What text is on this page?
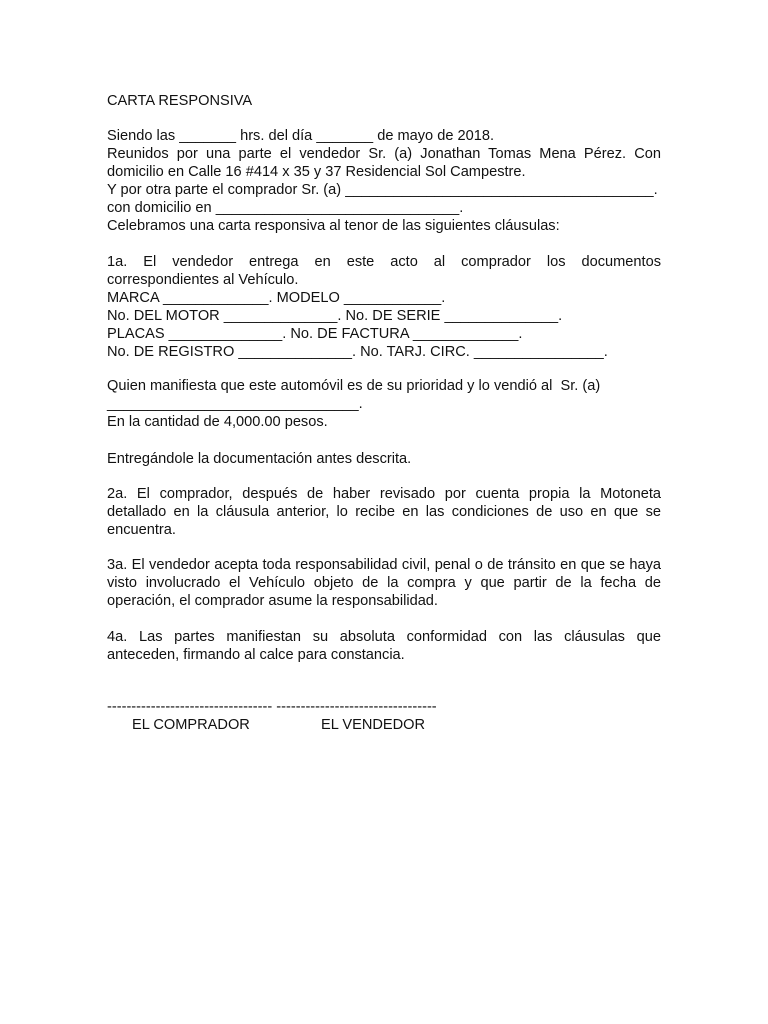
CARTA RESPONSIVA
Siendo las _______ hrs. del día _______ de mayo de 2018.
Reunidos por una parte el vendedor Sr. (a) Jonathan Tomas Mena Pérez. Con
domicilio en Calle 16 #414 x 35 y 37 Residencial Sol Campestre.
Y por otra parte el comprador Sr. (a) ______________________________________.
con domicilio en ______________________________.
Celebramos una carta responsiva al tenor de las siguientes cláusulas:
1a. El vendedor entrega en este acto al comprador los documentos
correspondientes al Vehículo.
MARCA _____________. MODELO ____________.
No. DEL MOTOR ______________. No. DE SERIE ______________.
PLACAS ______________. No. DE FACTURA _____________.
No. DE REGISTRO ______________. No. TARJ. CIRC. ________________.
Quien manifiesta que este automóvil es de su prioridad y lo vendió al  Sr. (a)
_______________________________.
En la cantidad de 4,000.00 pesos.
Entregándole la documentación antes descrita.
2a. El comprador, después de haber revisado por cuenta propia la Motoneta
detallado en la cláusula anterior, lo recibe en las condiciones de uso en que se
encuentra.
3a. El vendedor acepta toda responsabilidad civil, penal o de tránsito en que se haya
visto involucrado el Vehículo objeto de la compra y que partir de la fecha de
operación, el comprador asume la responsabilidad.
4a. Las partes manifiestan su absoluta conformidad con las cláusulas que
anteceden, firmando al calce para constancia.
---------------------------------- ---------------------------------
EL COMPRADOR	EL VENDEDOR
